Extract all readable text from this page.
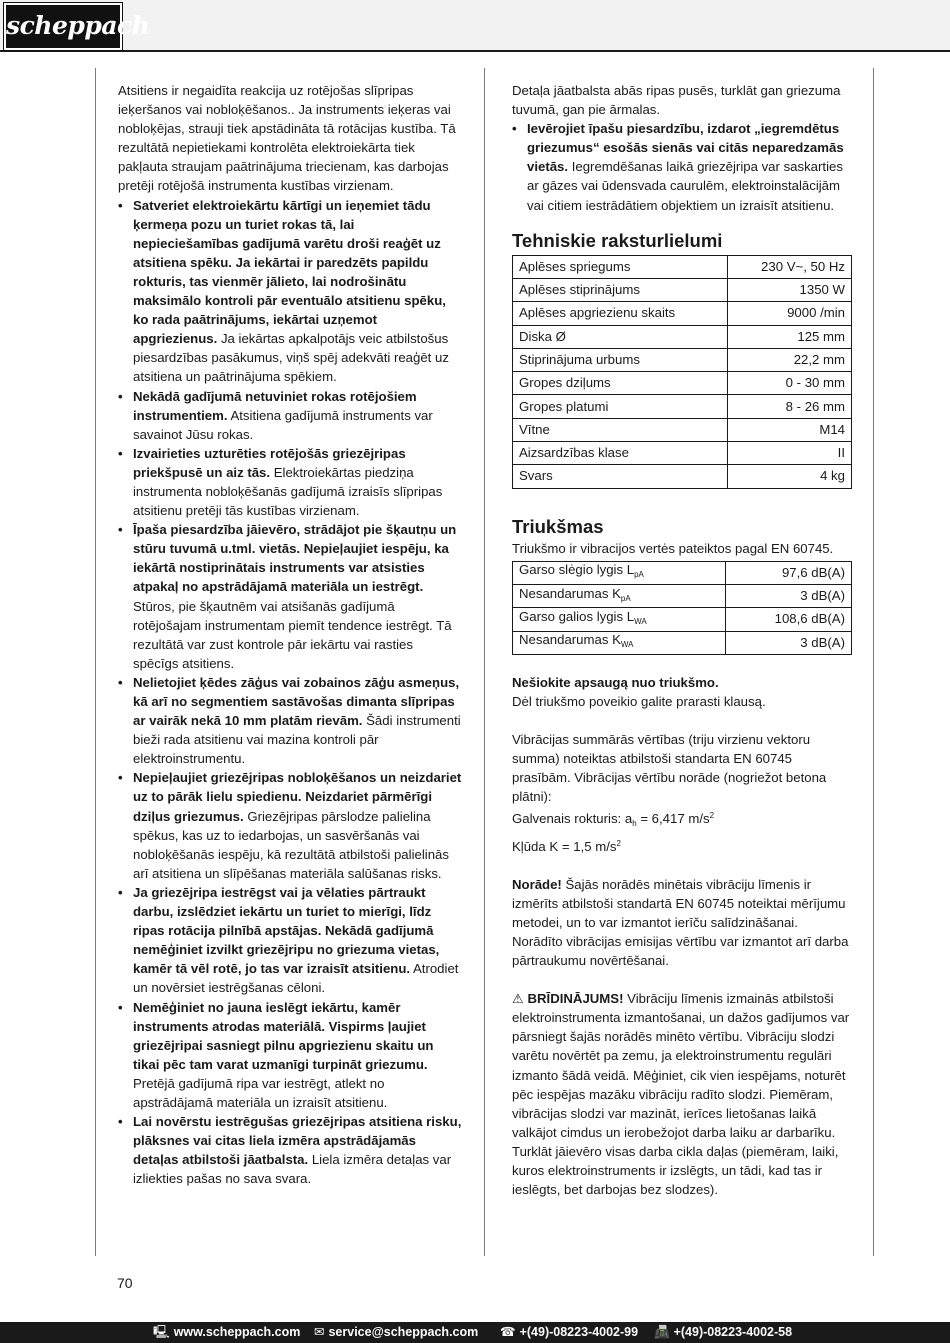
scheppach

Atsitiens ir negaidīta reakcija uz rotējošas slīpripas ieķeršanos vai nobloķēšanos.. Ja instruments ieķeras vai nobloķējas, strauji tiek apstādināta tā rotācijas kustība. Tā rezultātā nepietiekami kontrolēta elektroiekārta tiek pakļauta straujam paātrinājuma triecienam, kas darbojas pretēji rotējošā instrumenta kustības virzienam.

• Satveriet elektroiekārtu kārtīgi un ieņemiet tādu ķermeņa pozu un turiet rokas tā, lai nepieciešamības gadījumā varētu droši reaģēt uz atsitiena spēku. Ja iekārtai ir paredzēts papildu rokturis, tas vienmēr jālieto, lai nodrošinātu maksimālo kontroli pār eventuālo atsitienu spēku, ko rada paātrinājums, iekārtai uzņemot apgriezienus. Ja iekārtas apkalpotājs veic atbilstošus piesardzības pasākumus, viņš spēj adekvāti reaģēt uz atsitiena un paātrinājuma spēkiem.

• Nekādā gadījumā netuviniet rokas rotējošiem instrumentiem. Atsitiena gadījumā instruments var savainot Jūsu rokas.

• Izvairieties uzturēties rotējošās griezējripas priekšpusē un aiz tās. Elektroiekārtas piedziņa instrumenta nobloķēšanās gadījumā izraisīs slīpripas atsitienu pretēji tās kustības virzienam.

• Īpaša piesardzība jāievēro, strādājot pie šķautņu un stūru tuvumā u.tml. vietās. Nepieļaujiet iespēju, ka iekārtā nostiprinātais instruments var atsisties atpakaļ no apstrādājamā materiāla un iestrēgt. Stūros, pie šķautnēm vai atsišanās gadījumā rotējošajam instrumentam piemīt tendence iestrēgt. Tā rezultātā var zust kontrole pār iekārtu vai rasties spēcīgs atsitiens.

• Nelietojiet ķēdes zāģus vai zobainos zāģu asmeņus, kā arī no segmentiem sastāvošas dimanta slīpripas ar vairāk nekā 10 mm platām rievām. Šādi instrumenti bieži rada atsitienu vai mazina kontroli pār elektroinstrumentu.

• Nepieļaujiet griezējripas nobloķēšanos un neizdariet uz to pārāk lielu spiedienu. Neizdariet pārmērīgi dziļus griezumus. Griezējripas pārslodze palielina spēkus, kas uz to iedarbojas, un sasvēršanās vai nobloķēšanās iespēju, kā rezultātā atbilstoši palielinās arī atsitiena un slīpēšanas materiāla salūšanas risks.

• Ja griezējripa iestrēgst vai ja vēlaties pārtraukt darbu, izslēdziet iekārtu un turiet to mierīgi, līdz ripas rotācija pilnībā apstājas. Nekādā gadījumā nemēģiniet izvilkt griezējripu no griezuma vietas, kamēr tā vēl rotē, jo tas var izraisīt atsitienu. Atrodiet un novērsiet iestrēgšanas cēloni.

• Nemēģiniet no jauna ieslēgt iekārtu, kamēr instruments atrodas materiālā. Vispirms ļaujiet griezējripai sasniegt pilnu apgriezienu skaitu un tikai pēc tam varat uzmanīgi turpināt griezumu. Pretējā gadījumā ripa var iestrēgt, atlekt no apstrādājamā materiāla un izraisīt atsitienu.

• Lai novērstu iestrēgušas griezējripas atsitiena risku, plāksnes vai citas liela izmēra apstrādājamās detaļas atbilstoši jāatbalsta. Liela izmēra detaļas var izliekties pašas no sava svara.

Detaļa jāatbalsta abās ripas pusēs, turklāt gan griezuma tuvumā, gan pie ārmalas.

• Ievērojiet īpašu piesardzību, izdarot „iegremdētus griezumus“ esošās sienās vai citās neparedzamās vietās. Iegremdēšanas laikā griezējripa var saskarties ar gāzes vai ūdensvada caurulēm, elektroinstalācijām vai citiem iestrādātiem objektiem un izraisīt atsitienu.

Tehniskie raksturlielumi
Aplēses spriegums	230 V~, 50 Hz
Aplēses stiprinājums	1350 W
Aplēses apgriezienu skaits	9000 /min
Diska Ø	125 mm
Stiprinājuma urbums	22,2 mm
Gropes dziļums	0 - 30 mm
Gropes platumi	8 - 26 mm
Vītne	M14
Aizsardzības klase	II
Svars	4 kg
Triukšmas

Triukšmo ir vibracijos vertės pateiktos pagal EN 60745.

Garso slėgio lygis $L_{pA}$	97,6 dB(A)
Nesandarumas $K_{pA}$	3 dB(A)
Garso galios lygis $L_{WA}$	108,6 dB(A)
Nesandarumas $K_{WA}$	3 dB(A)

Nešiokite apsaugą nuo triukšmo.

Dėl triukšmo poveikio galite prarasti klausą.

Vibrācijas summārās vērtības (triju virzienu vektoru summa) noteiktas atbilstoši standarta EN 60745 prasībām. Vibrācijas vērtību norāde (nogriežot betona plātni):

Galvenais rokturis: $a_h = 6,417$ $m/s^2$

Kļūda K = 1,5 $m/s^2$

Norāde! Šajās norādēs minētais vibrāciju līmenis ir izmērīts atbilstoši standartā EN 60745 noteiktai mērījumu metodei, un to var izmantot ierīču salīdzināšanai. Norādīto vibrācijas emisijas vērtību var izmantot arī darba pārtraukumu novērtēšanai.

⚠ BRĪDINĀJUMS! Vibrāciju līmenis izmainās atbilstoši elektroinstrumenta izmantošanai, un dažos gadījumos var pārsniegt šajās norādēs minēto vērtību. Vibrāciju slodzi varētu novērtēt pa zemu, ja elektroinstrumentu regulāri izmanto šādā veidā. Mēģiniet, cik vien iespējams, noturēt pēc iespējas mazāku vibrāciju radīto slodzi. Piemēram, vibrācijas slodzi var mazināt, ierīces lietošanas laikā valkājot cimdus un ierobežojot darba laiku ar darbarīku. Turklāt jāievēro visas darba cikla daļas (piemēram, laiki, kuros elektroinstruments ir izslēgts, un tādi, kad tas ir ieslēgts, bet darbojas bez slodzes).

70
🖳 www.scheppach.com ✉ service@scheppach.com ☎ +(49)-08223-4002-99 📠 +(49)-08223-4002-58
